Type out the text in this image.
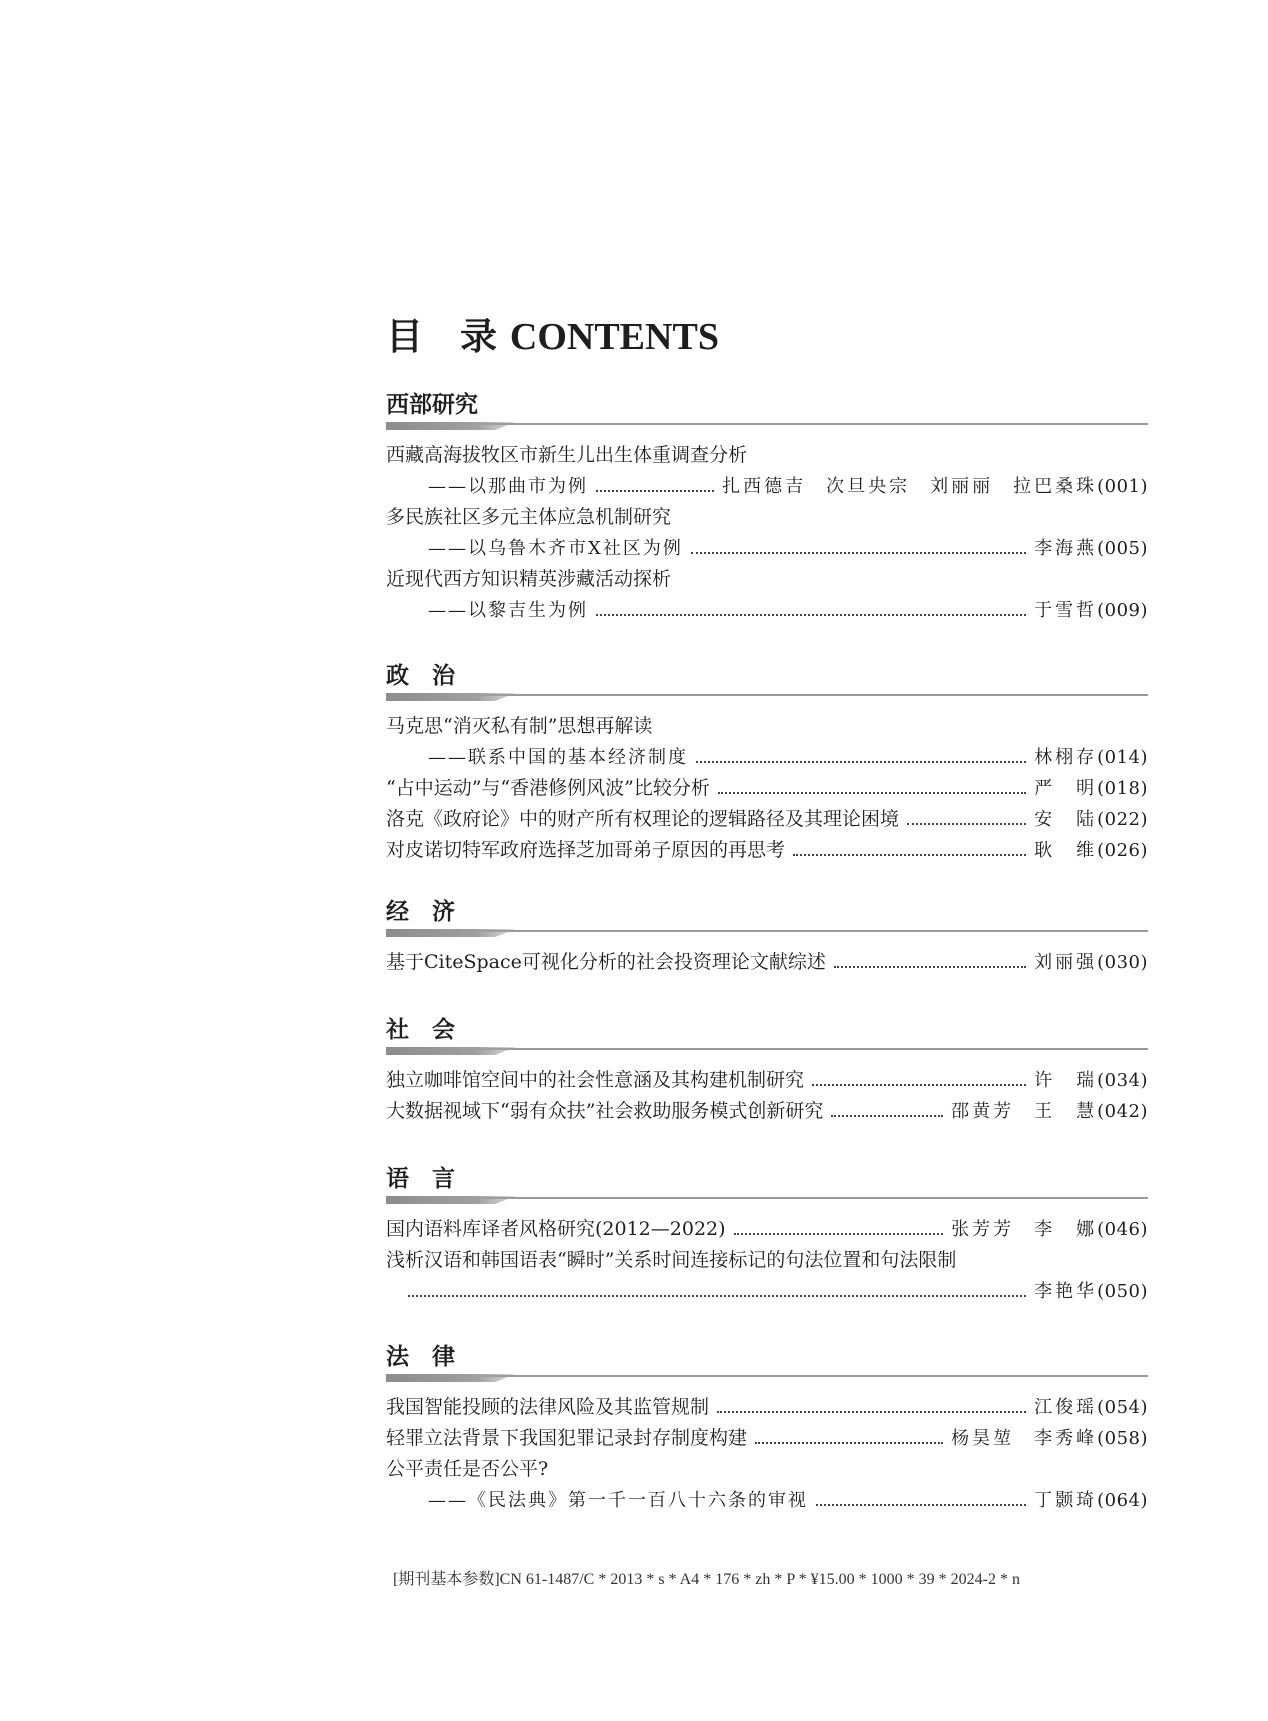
目　录 CONTENTS
西部研究
西藏高海拔牧区市新生儿出生体重调查分析
——以那曲市为例	扎西德吉 次旦央宗 刘丽丽 拉巴桑珠 (001)
多民族社区多元主体应急机制研究
——以乌鲁木齐市X社区为例	李海燕 (005)
近现代西方知识精英涉藏活动探析
——以黎吉生为例	于雪哲 (009)
政　治
马克思“消灭私有制”思想再解读
——联系中国的基本经济制度	林栩存 (014)
“占中运动”与“香港修例风波”比较分析	严　明 (018)
洛克《政府论》中的财产所有权理论的逻辑路径及其理论困境	安　陆 (022)
对皮诺切特军政府选择芝加哥弟子原因的再思考	耿　维 (026)
经　济
基于CiteSpace可视化分析的社会投资理论文献综述	刘丽强 (030)
社　会
独立咖啡馆空间中的社会性意涵及其构建机制研究	许　瑞 (034)
大数据视域下“弱有众扶”社会救助服务模式创新研究	邵黄芳 王　慧 (042)
语　言
国内语料库译者风格研究(2012—2022)	张芳芳 李　娜 (046)
浅析汉语和韩国语表“瞬时”关系时间连接标记的句法位置和句法限制
李艳华 (050)
法　律
我国智能投顾的法律风险及其监管规制	江俊瑶 (054)
轻罪立法背景下我国犯罪记录封存制度构建	杨昊堃 李秀峰 (058)
公平责任是否公平?
——《民法典》第一千一百八十六条的审视	丁颢琦 (064)
[期刊基本参数]CN 61-1487/C * 2013 * s * A4 * 176 * zh * P * ¥15.00 * 1000 * 39 * 2024-2 * n
